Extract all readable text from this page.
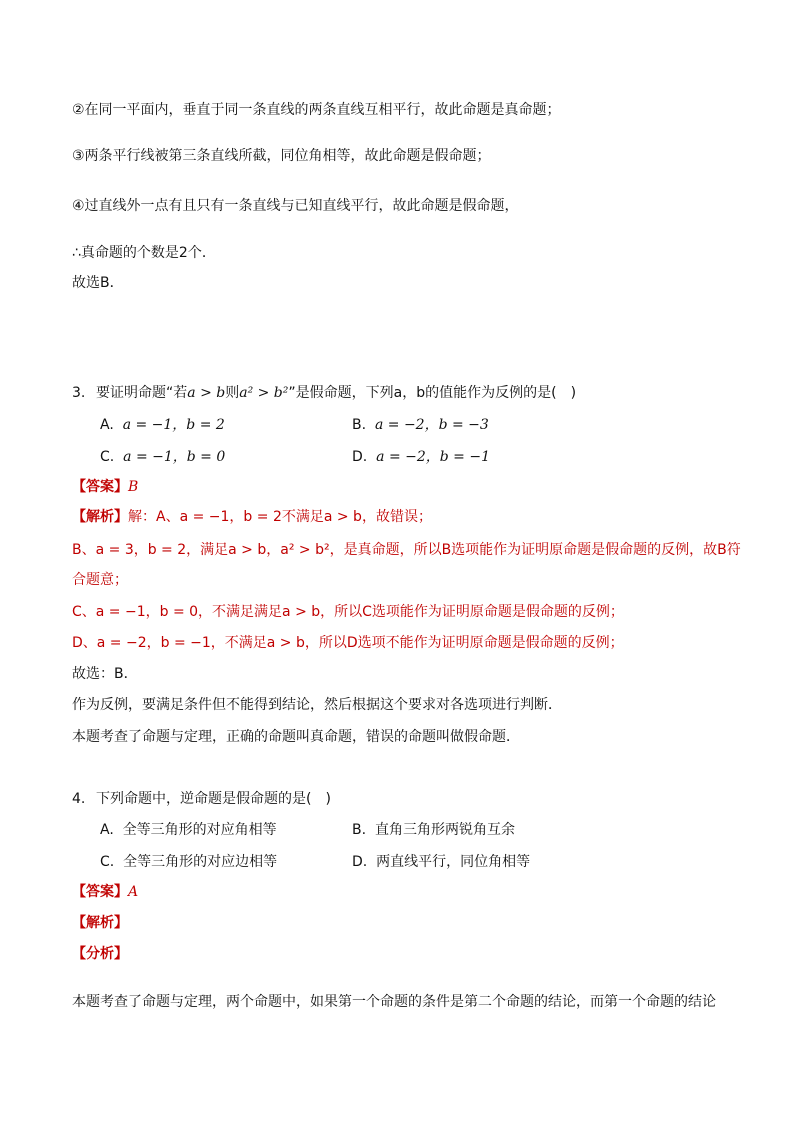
②在同一平面内，垂直于同一条直线的两条直线互相平行，故此命题是真命题；
③两条平行线被第三条直线所截，同位角相等，故此命题是假命题；
④过直线外一点有且只有一条直线与已知直线平行，故此命题是假命题，
∴真命题的个数是2个．
故选B．
3. 要证明命题“若a > b则a² > b²”是假命题，下列a，b的值能作为反例的是(　)
A. a = −1，b = 2	B. a = −2，b = −3
C. a = −1，b = 0	D. a = −2，b = −1
【答案】B
【解析】解：A、a = −1，b = 2不满足a > b，故错误；
B、a = 3，b = 2，满足a > b，a² > b²，是真命题，所以B选项能作为证明原命题是假命题的反例，故B符
合题意；
C、a = −1，b = 0，不满足满足a > b，所以C选项能作为证明原命题是假命题的反例；
D、a = −2，b = −1，不满足a > b，所以D选项不能作为证明原命题是假命题的反例；
故选：B．
作为反例，要满足条件但不能得到结论，然后根据这个要求对各选项进行判断．
本题考查了命题与定理，正确的命题叫真命题，错误的命题叫做假命题．
4. 下列命题中，逆命题是假命题的是(　)
A. 全等三角形的对应角相等	B. 直角三角形两锐角互余
C. 全等三角形的对应边相等	D. 两直线平行，同位角相等
【答案】A
【解析】
【分析】
本题考查了命题与定理，两个命题中，如果第一个命题的条件是第二个命题的结论，而第一个命题的结论
